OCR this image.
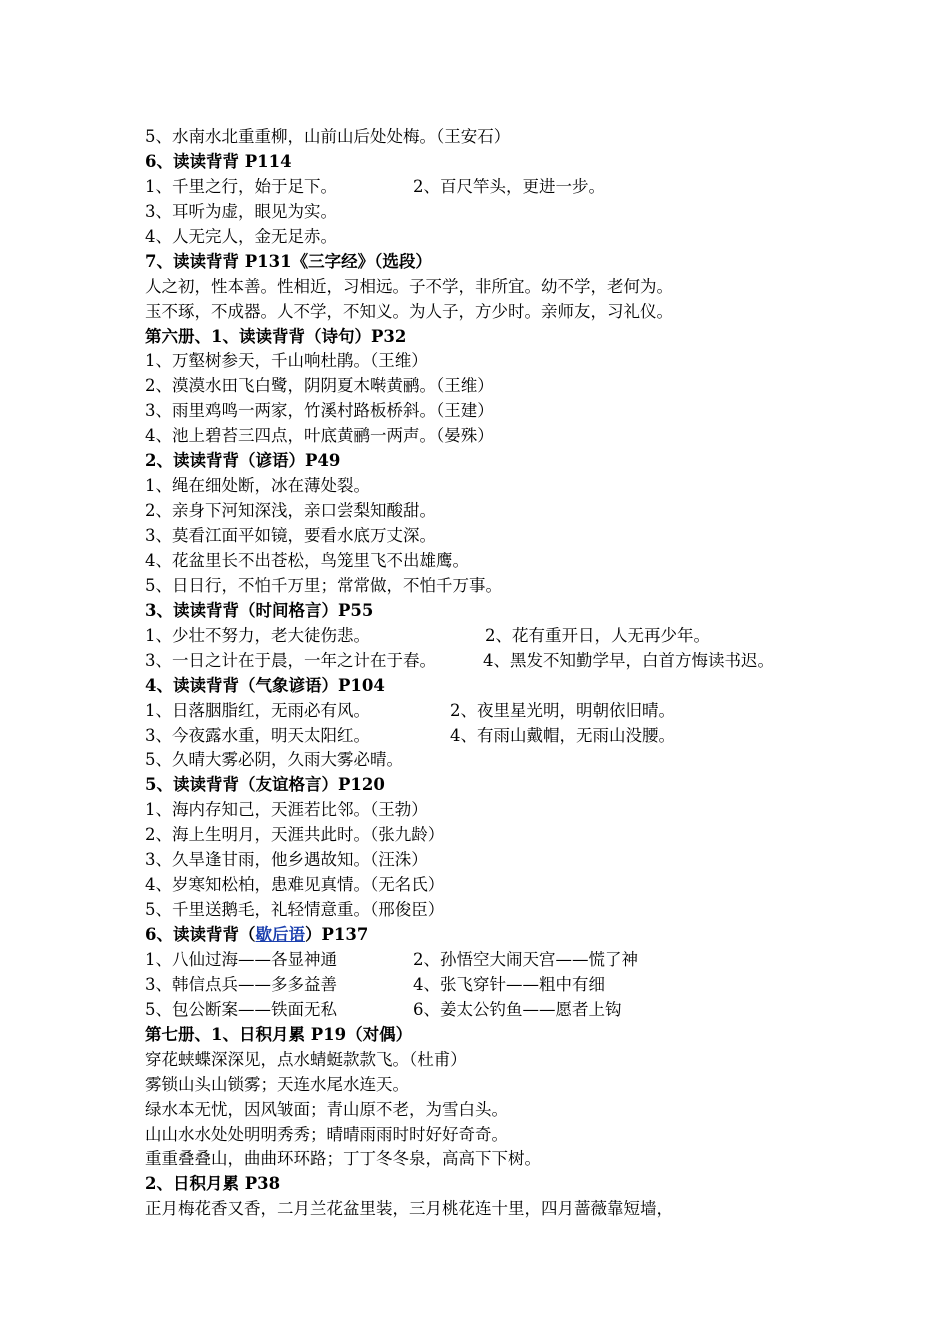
5、水南水北重重柳，山前山后处处梅。（王安石）
6、读读背背 P114
1、千里之行，始于足下。	2、百尺竿头，更进一步。
3、耳听为虚，眼见为实。
4、人无完人，金无足赤。
7、读读背背 P131《三字经》（选段）
人之初，性本善。性相近，习相远。子不学，非所宜。幼不学，老何为。
玉不琢，不成器。人不学，不知义。为人子，方少时。亲师友，习礼仪。
第六册、1、读读背背（诗句）P32
1、万壑树参天，千山响杜鹃。（王维）
2、漠漠水田飞白鹭，阴阴夏木啭黄鹂。（王维）
3、雨里鸡鸣一两家，竹溪村路板桥斜。（王建）
4、池上碧苔三四点，叶底黄鹂一两声。（晏殊）
2、读读背背（谚语）P49
1、绳在细处断，冰在薄处裂。
2、亲身下河知深浅，亲口尝梨知酸甜。
3、莫看江面平如镜，要看水底万丈深。
4、花盆里长不出苍松，鸟笼里飞不出雄鹰。
5、日日行，不怕千万里；常常做，不怕千万事。
3、读读背背（时间格言）P55
1、少壮不努力，老大徒伤悲。	2、花有重开日，人无再少年。
3、一日之计在于晨，一年之计在于春。	4、黑发不知勤学早，白首方悔读书迟。
4、读读背背（气象谚语）P104
1、日落胭脂红，无雨必有风。	2、夜里星光明，明朝依旧晴。
3、今夜露水重，明天太阳红。	4、有雨山戴帽，无雨山没腰。
5、久晴大雾必阴，久雨大雾必晴。
5、读读背背（友谊格言）P120
1、海内存知己，天涯若比邻。（王勃）
2、海上生明月，天涯共此时。（张九龄）
3、久旱逢甘雨，他乡遇故知。（汪洙）
4、岁寒知松柏，患难见真情。（无名氏）
5、千里送鹅毛，礼轻情意重。（邢俊臣）
6、读读背背（歇后语）P137
1、八仙过海——各显神通	2、孙悟空大闹天宫——慌了神
3、韩信点兵——多多益善	4、张飞穿针——粗中有细
5、包公断案——铁面无私	6、姜太公钓鱼——愿者上钩
第七册、1、日积月累 P19（对偶）
穿花蛱蝶深深见，点水蜻蜓款款飞。（杜甫）
雾锁山头山锁雾；天连水尾水连天。
绿水本无忧，因风皱面；青山原不老，为雪白头。
山山水水处处明明秀秀；晴晴雨雨时时好好奇奇。
重重叠叠山，曲曲环环路；丁丁冬冬泉，高高下下树。
2、日积月累 P38
正月梅花香又香，二月兰花盆里装，三月桃花连十里，四月蔷薇靠短墙，
